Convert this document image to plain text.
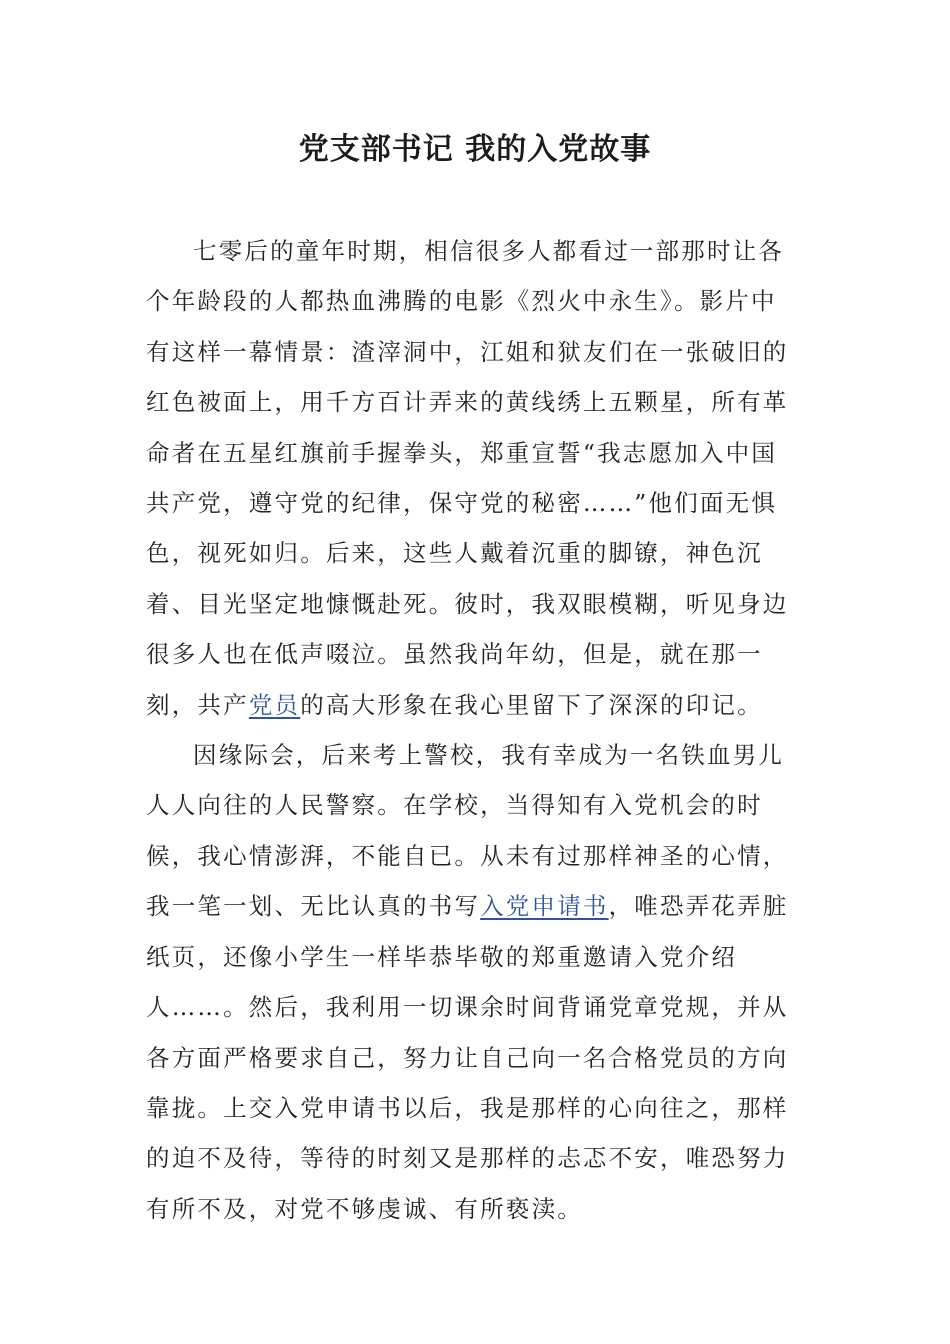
党支部书记 我的入党故事

七零后的童年时期，相信很多人都看过一部那时让各个年龄段的人都热血沸腾的电影《烈火中永生》。影片中有这样一幕情景：渣滓洞中，江姐和狱友们在一张破旧的红色被面上，用千方百计弄来的黄线绣上五颗星，所有革命者在五星红旗前手握拳头，郑重宣誓“我志愿加入中国共产党，遵守党的纪律，保守党的秘密……”他们面无惧色，视死如归。后来，这些人戴着沉重的脚镣，神色沉着、目光坚定地慷慨赴死。彼时，我双眼模糊，听见身边很多人也在低声啜泣。虽然我尚年幼，但是，就在那一刻，共产党员的高大形象在我心里留下了深深的印记。

因缘际会，后来考上警校，我有幸成为一名铁血男儿人人向往的人民警察。在学校，当得知有入党机会的时候，我心情澎湃，不能自已。从未有过那样神圣的心情，我一笔一划、无比认真的书写入党申请书，唯恐弄花弄脏纸页，还像小学生一样毕恭毕敬的郑重邀请入党介绍人……。然后，我利用一切课余时间背诵党章党规，并从各方面严格要求自己，努力让自己向一名合格党员的方向靠拢。上交入党申请书以后，我是那样的心向往之，那样的迫不及待，等待的时刻又是那样的忐忑不安，唯恐努力有所不及，对党不够虔诚、有所亵渎。
